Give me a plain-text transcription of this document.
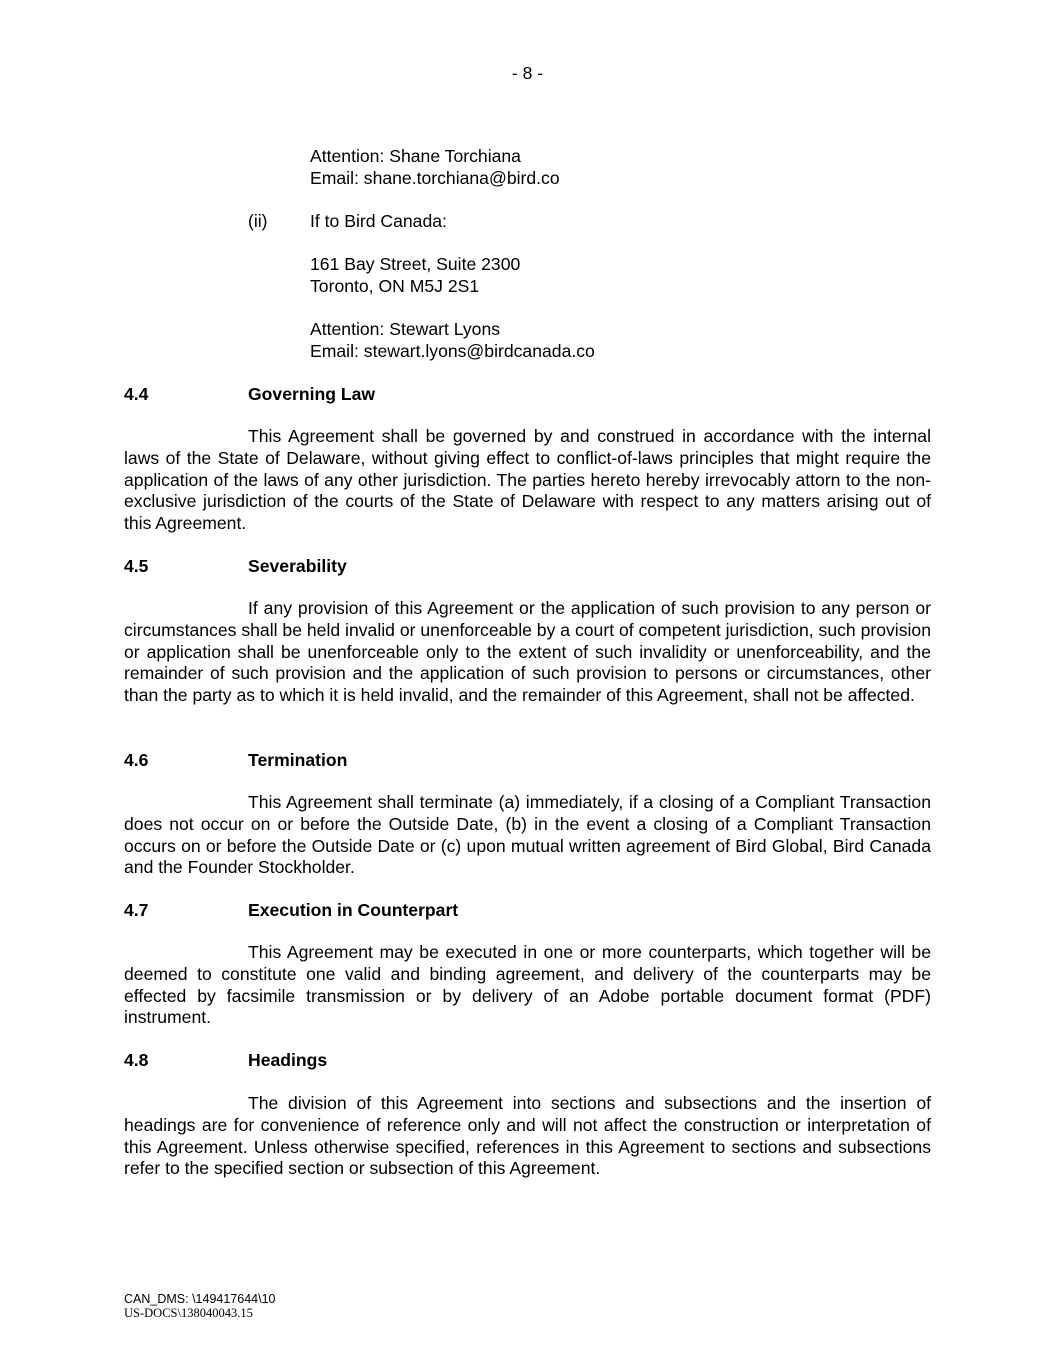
- 8 -
Attention: Shane Torchiana
Email: shane.torchiana@bird.co
(ii) If to Bird Canada:
161 Bay Street, Suite 2300
Toronto, ON M5J 2S1
Attention: Stewart Lyons
Email: stewart.lyons@birdcanada.co
4.4	Governing Law
This Agreement shall be governed by and construed in accordance with the internal laws of the State of Delaware, without giving effect to conflict-of-laws principles that might require the application of the laws of any other jurisdiction. The parties hereto hereby irrevocably attorn to the non-exclusive jurisdiction of the courts of the State of Delaware with respect to any matters arising out of this Agreement.
4.5	Severability
If any provision of this Agreement or the application of such provision to any person or circumstances shall be held invalid or unenforceable by a court of competent jurisdiction, such provision or application shall be unenforceable only to the extent of such invalidity or unenforceability, and the remainder of such provision and the application of such provision to persons or circumstances, other than the party as to which it is held invalid, and the remainder of this Agreement, shall not be affected.
4.6	Termination
This Agreement shall terminate (a) immediately, if a closing of a Compliant Transaction does not occur on or before the Outside Date, (b) in the event a closing of a Compliant Transaction occurs on or before the Outside Date or (c) upon mutual written agreement of Bird Global, Bird Canada and the Founder Stockholder.
4.7	Execution in Counterpart
This Agreement may be executed in one or more counterparts, which together will be deemed to constitute one valid and binding agreement, and delivery of the counterparts may be effected by facsimile transmission or by delivery of an Adobe portable document format (PDF) instrument.
4.8	Headings
The division of this Agreement into sections and subsections and the insertion of headings are for convenience of reference only and will not affect the construction or interpretation of this Agreement. Unless otherwise specified, references in this Agreement to sections and subsections refer to the specified section or subsection of this Agreement.
CAN_DMS: \149417644\10
US-DOCS\138040043.15
